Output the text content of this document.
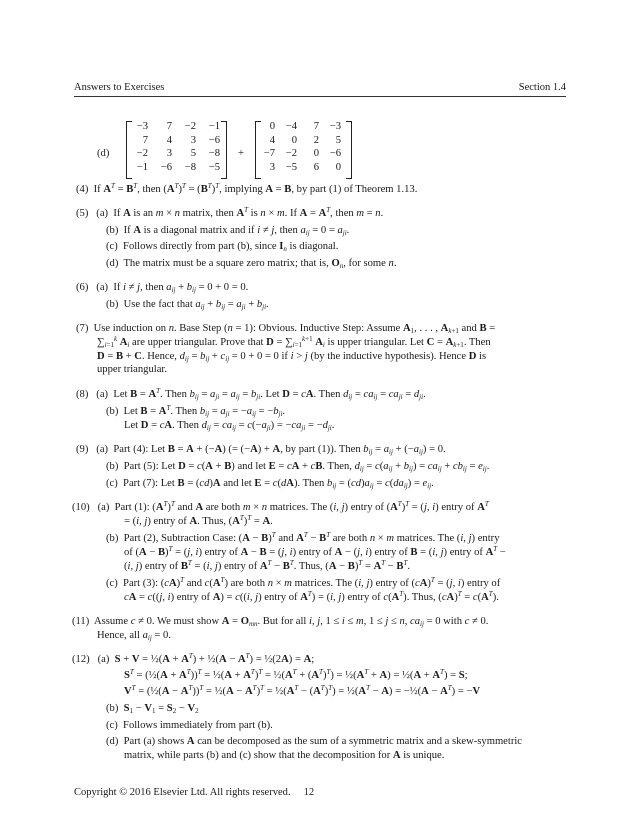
Answers to Exercises	Section 1.4
(d)
−3	7	−2	−1
7	4	3	−6
−2	3	5	−8
−1	−6	−8	−5
+
0	−4	7	−3
4	0	2	5
−7	−2	0	−6
3	−5	6	0
(4)  If $A^T = B^T$, then $(A^T)^T = (B^T)^T$, implying A = B, by part (1) of Theorem 1.13.
(5)   (a)  If A is an m × n matrix, then $A^T$ is n × m. If $A = A^T$, then m = n.
(b)  If A is a diagonal matrix and if i ≠ j, then $a_{ij} = 0 = a_{ji}$.
(c)  Follows directly from part (b), since $I_n$ is diagonal.
(d)  The matrix must be a square zero matrix; that is, $O_n$, for some n.
(6)   (a)  If i ≠ j, then $a_{ij} + b_{ij} = 0 + 0 = 0$.
(b)  Use the fact that $a_{ij} + b_{ij} = a_{ji} + b_{ji}$.
(7)  Use induction on n. Base Step (n = 1): Obvious. Inductive Step: Assume $A_1$, . . . , $A_{k+1}$ and B =
$\sum_{i=1}^k$ $A_i$ are upper triangular. Prove that $D = \sum_{i=1}^{k+1}$ $A_i$ is upper triangular. Let $C = A_{k+1}$. Then
D = B + C. Hence, $d_{ij} = b_{ij} + c_{ij} = 0 + 0 = 0$ if i > j (by the inductive hypothesis). Hence D is
upper triangular.
(8)   (a)  Let $B = A^T$. Then $b_{ij} = a_{ji} = a_{ij} = b_{ji}$. Let D = cA. Then $d_{ij} = ca_{ij} = ca_{ji} = d_{ji}$.
(b)  Let $B = A^T$. Then $b_{ij} = a_{ji} = -a_{ij} = -b_{ji}$.
Let D = cA. Then $d_{ij} = ca_{ij} = c(-a_{ji}) = -ca_{ji} = -d_{ji}$.
(9)   (a)  Part (4): Let B = A + (−A) (= (−A) + A, by part (1)). Then $b_{ij} = a_{ij} + (-a_{ij}) = 0$.
(b)  Part (5): Let D = c(A + B) and let E = cA + cB. Then, $d_{ij} = c(a_{ij} + b_{ij}) = ca_{ij} + cb_{ij} = e_{ij}$.
(c)  Part (7): Let B = (cd)A and let E = c(dA). Then $b_{ij} = (cd)a_{ij} = c(da_{ij}) = e_{ij}$.
(10)   (a)  Part (1): $(A^T)^T$ and A are both m × n matrices. The (i, j) entry of $(A^T)^T = (j$, i) entry of $A^T$
= (i, j) entry of A. Thus, $(A^T)^T = A$.
(b)  Part (2), Subtraction Case: $(A - B)^T$ and $A^T - B^T$ are both n × m matrices. The (i, j) entry
of $(A - B)^T = (j$, i) entry of A − B = (j, i) entry of A − (j, i) entry of B = (i, j) entry of $A^T$ −
(i, j) entry of $B^T = (i$, j) entry of $A^T - B^T$. Thus, $(A - B)^T = A^T - B^T$.
(c)  Part (3): (cA)$^T$ and $c(A^T)$ are both n × m matrices. The (i, j) entry of (cA)$^T$ = (j, i) entry of
cA = c((j, i) entry of A) = c((i, j) entry of $A^T) = (i$, j) entry of $c(A^T)$. Thus, $(cA)^T = c(A^T)$.
(11)  Assume c ≠ 0. We must show $A = O_{mn}$. But for all i, j, 1 ≤ i ≤ m, 1 ≤ j ≤ n, $ca_{ij} = 0$ with c ≠ 0.
Hence, all $a_{ij} = 0$.
(12)   (a)  S + V = ½(A + $A^T$) + ½(A − $A^T$) = ½(2A) = A;
$S^T$ = (½(A + $A^T))^T$ = ½(A + $A^T)^T$ = $\frac{1}{2}(A^T + (A^T)^T)$ = $\frac{1}{2}(A^T + A)$ = ½(A + $A^T) = S$;
$V^T$ = (½(A − $A^T))^T$ = ½(A − $A^T)^T$ = $\frac{1}{2}(A^T - (A^T)^T)$ = $\frac{1}{2}(A^T - A)$ = −½(A − $A^T) = -V$
(b)  $S_1 - V_1 = S_2 - V_2$
(c)  Follows immediately from part (b).
(d)  Part (a) shows A can be decomposed as the sum of a symmetric matrix and a skew-symmetric
matrix, while parts (b) and (c) show that the decomposition for A is unique.
Copyright © 2016 Elsevier Ltd. All rights reserved. 12
